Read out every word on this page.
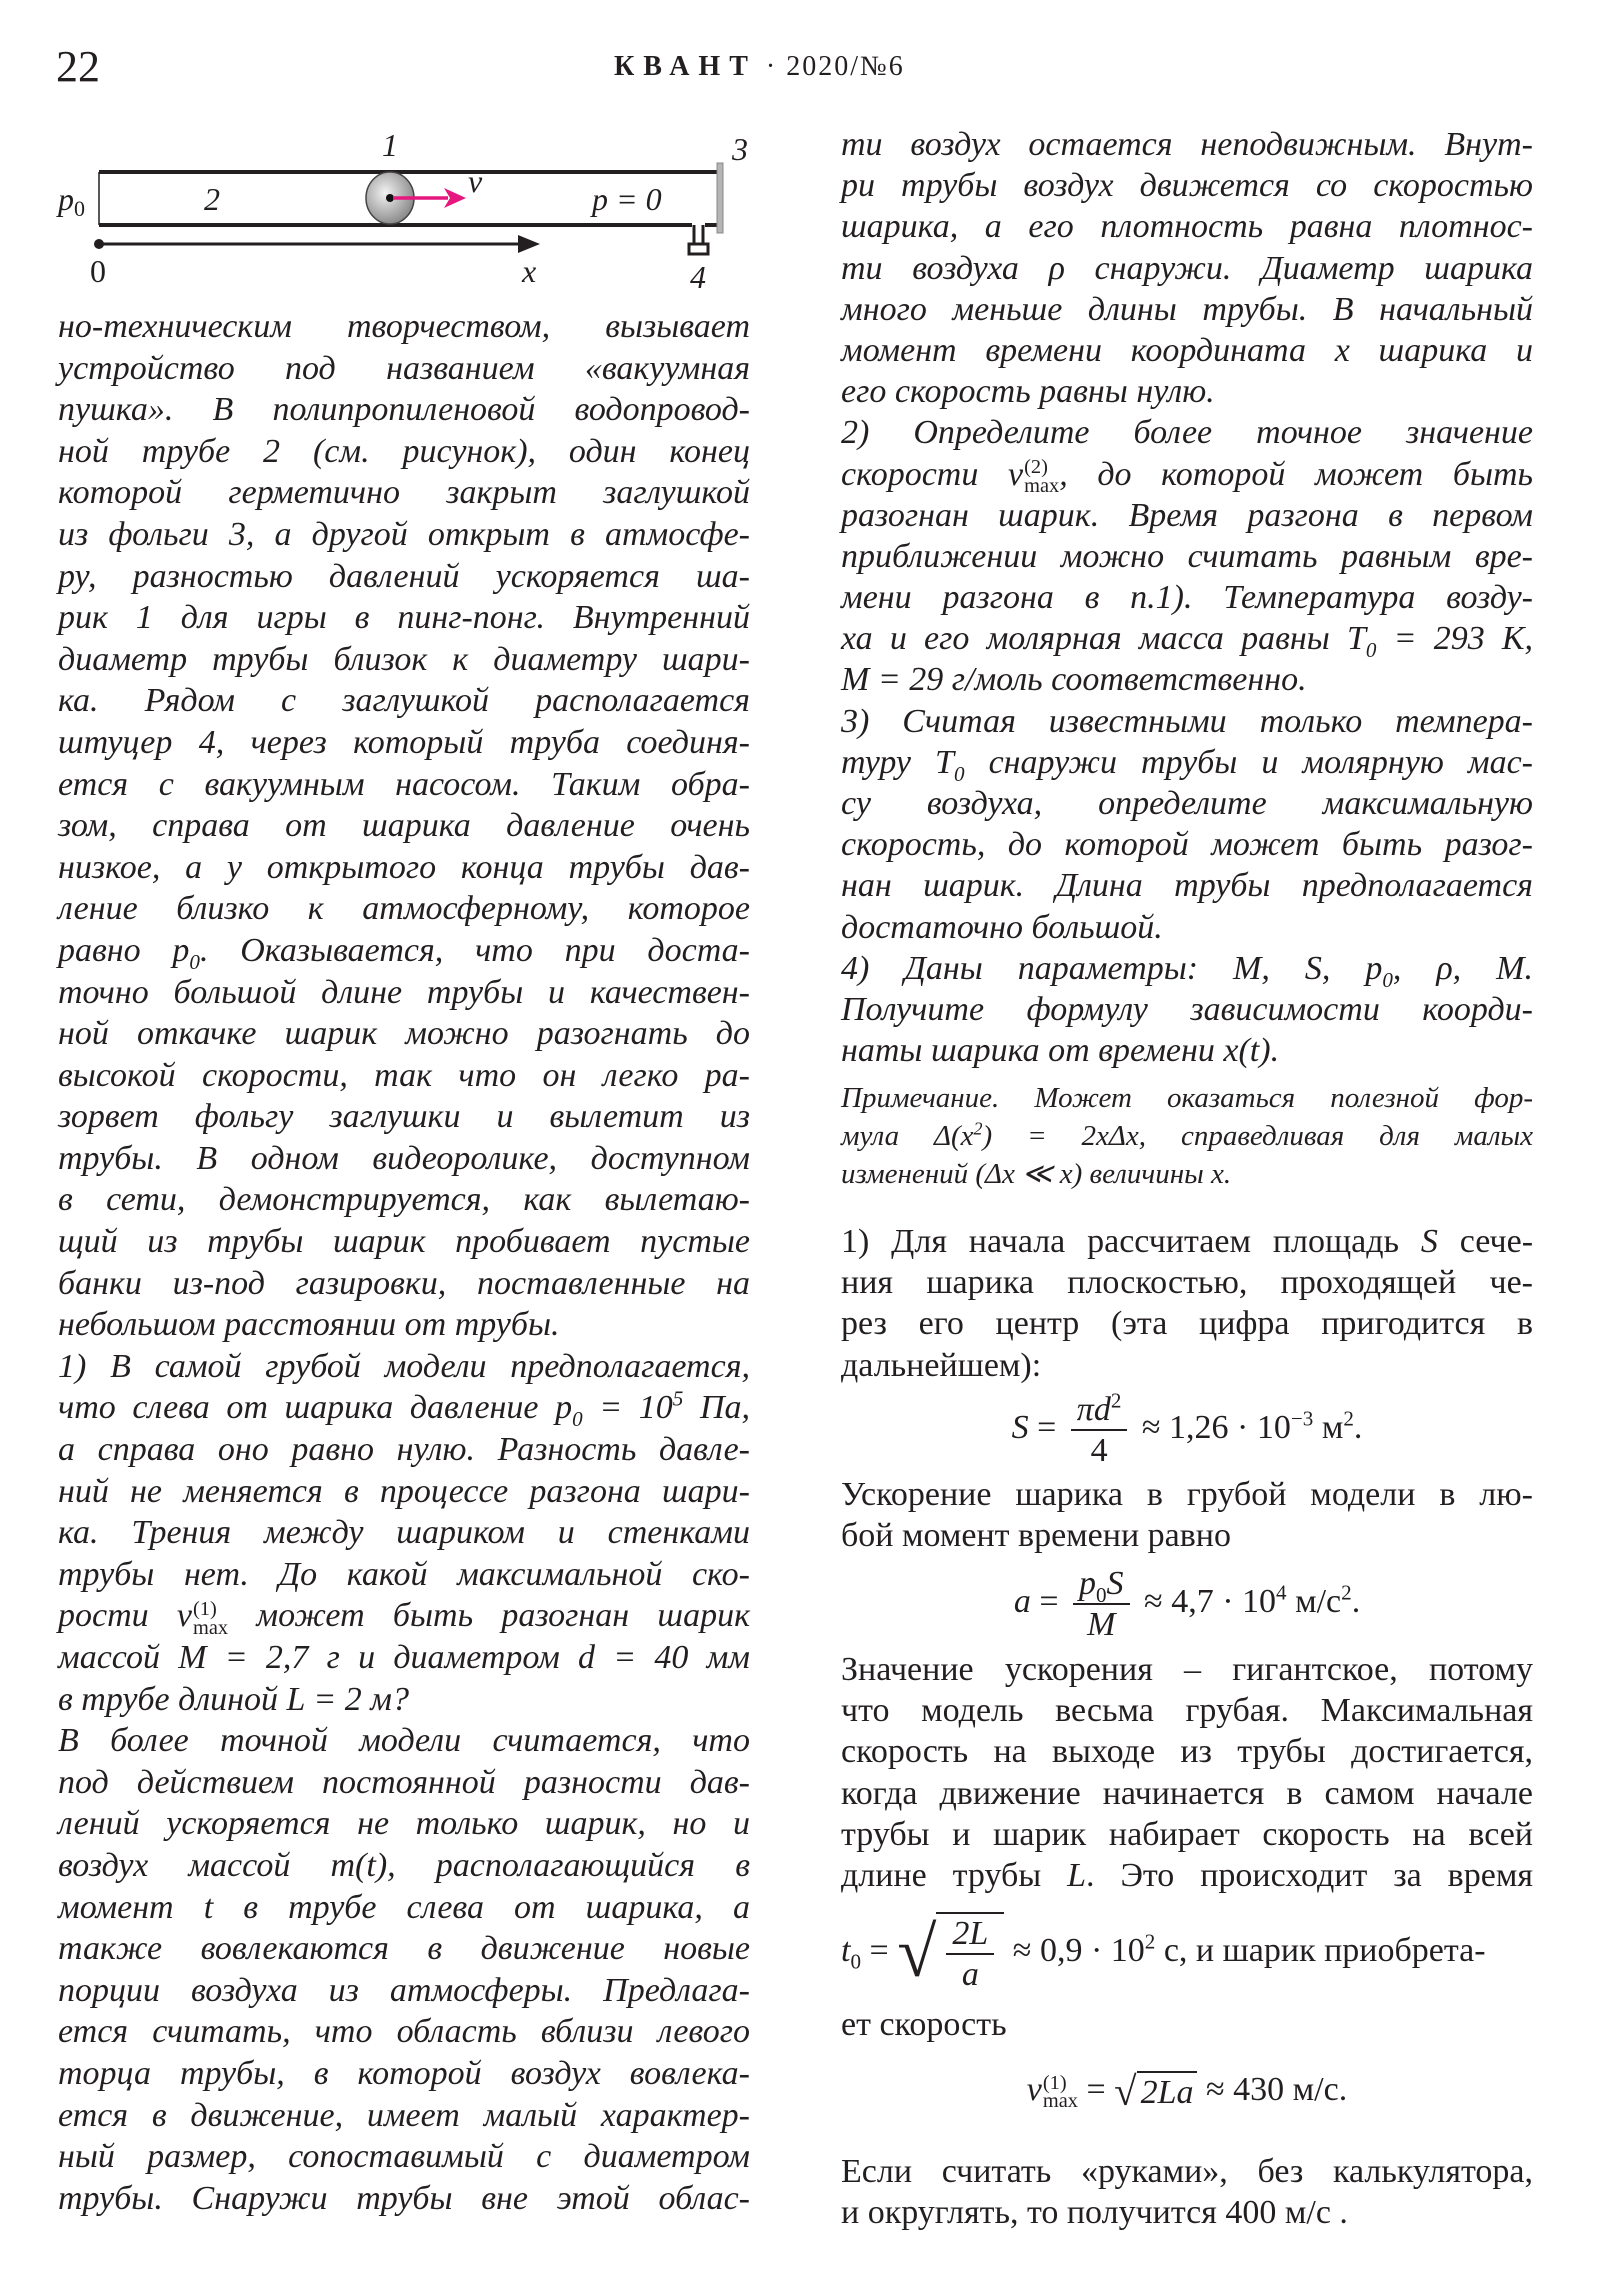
22	КВАНТ · 2020/№6
1
2
3
4
v
p0	p = 0
0	x
но-техническим творчеством, вызывает
устройство под названием «вакуумная
пушка». В полипропиленовой водопровод-
ной трубе 2 (см. рисунок), один конец
которой герметично закрыт заглушкой
из фольги 3, а другой открыт в атмосфе-
ру, разностью давлений ускоряется ша-
рик 1 для игры в пинг-понг. Внутренний
диаметр трубы близок к диаметру шари-
ка. Рядом с заглушкой располагается
штуцер 4, через который труба соединя-
ется с вакуумным насосом. Таким обра-
зом, справа от шарика давление очень
низкое, а у открытого конца трубы дав-
ление близко к атмосферному, которое
равно $p_0$. Оказывается, что при доста-
точно большой длине трубы и качествен-
ной откачке шарик можно разогнать до
высокой скорости, так что он легко ра-
зорвет фольгу заглушки и вылетит из
трубы. В одном видеоролике, доступном
в сети, демонстрируется, как вылетаю-
щий из трубы шарик пробивает пустые
банки из-под газировки, поставленные на
небольшом расстоянии от трубы.
1) В самой грубой модели предполагается,
что слева от шарика давление $p_0 = 10^5$ Па,
а справа оно равно нулю. Разность давле-
ний не меняется в процессе разгона шари-
ка. Трения между шариком и стенками
трубы нет. До какой максимальной ско-
рости v (1)
max может быть разогнан шарик
массой M = 2,7 г и диаметром d = 40 мм
в трубе длиной L = 2 м?
В более точной модели считается, что
под действием постоянной разности дав-
лений ускоряется не только шарик, но и
воздух массой m(t), располагающийся в
момент t в трубе слева от шарика, а
также вовлекаются в движение новые
порции воздуха из атмосферы. Предлага-
ется считать, что область вблизи левого
торца трубы, в которой воздух вовлека-
ется в движение, имеет малый характер-
ный размер, сопоставимый с диаметром
трубы. Снаружи трубы вне этой облас-
ти воздух остается неподвижным. Внут-
ри трубы воздух движется со скоростью
шарика, а его плотность равна плотнос-
ти воздуха ρ снаружи. Диаметр шарика
много меньше длины трубы. В начальный
момент времени координата x шарика и
его скорость равны нулю.
2) Определите более точное значение
скорости v (2)
max , до которой может быть
разогнан шарик. Время разгона в первом
приближении можно считать равным вре-
мени разгона в п.1). Температура возду-
ха и его молярная масса равны $T_0 = 293$ К,
M = 29 г/моль соответственно.
3) Считая известными только темпера-
туру $T_0$ снаружи трубы и молярную мас-
су воздуха, определите максимальную
скорость, до которой может быть разог-
нан шарик. Длина трубы предполагается
достаточно большой.
4) Даны параметры: M, S, $p_0$, ρ, M.
Получите формулу зависимости коорди-
наты шарика от времени x(t).
Примечание. Может оказаться полезной фор-
мула $\Delta(x^2) = 2x\Delta x$, справедливая для малых
изменений (Δx ≪ x) величины x.
1) Для начала рассчитаем площадь S сече-
ния шарика плоскостью, проходящей че-
рез его центр (эта цифра пригодится в
дальнейшем):
$S = \frac{\pi d^2}{4} \approx 1,26 \cdot 10^{-3}$ $м^2$.
Ускорение шарика в грубой модели в лю-
бой момент времени равно
$a = \frac{p_0S}{M} \approx 4,7 \cdot 10^4$ $м/с^2$.
Значение ускорения – гигантское, потому
что модель весьма грубая. Максимальная
скорость на выходе из трубы достигается,
когда движение начинается в самом начале
трубы и шарик набирает скорость на всей
длине трубы L. Это происходит за время
$t_0$ = √ $\frac{2L}{a} \approx 0,9 \cdot 10^2$ с, и шарик приобрета-
ет скорость
v (1)
max = √ 2La ≈ 430 м/с.
Если считать «руками», без калькулятора,
и округлять, то получится 400 м/с .
